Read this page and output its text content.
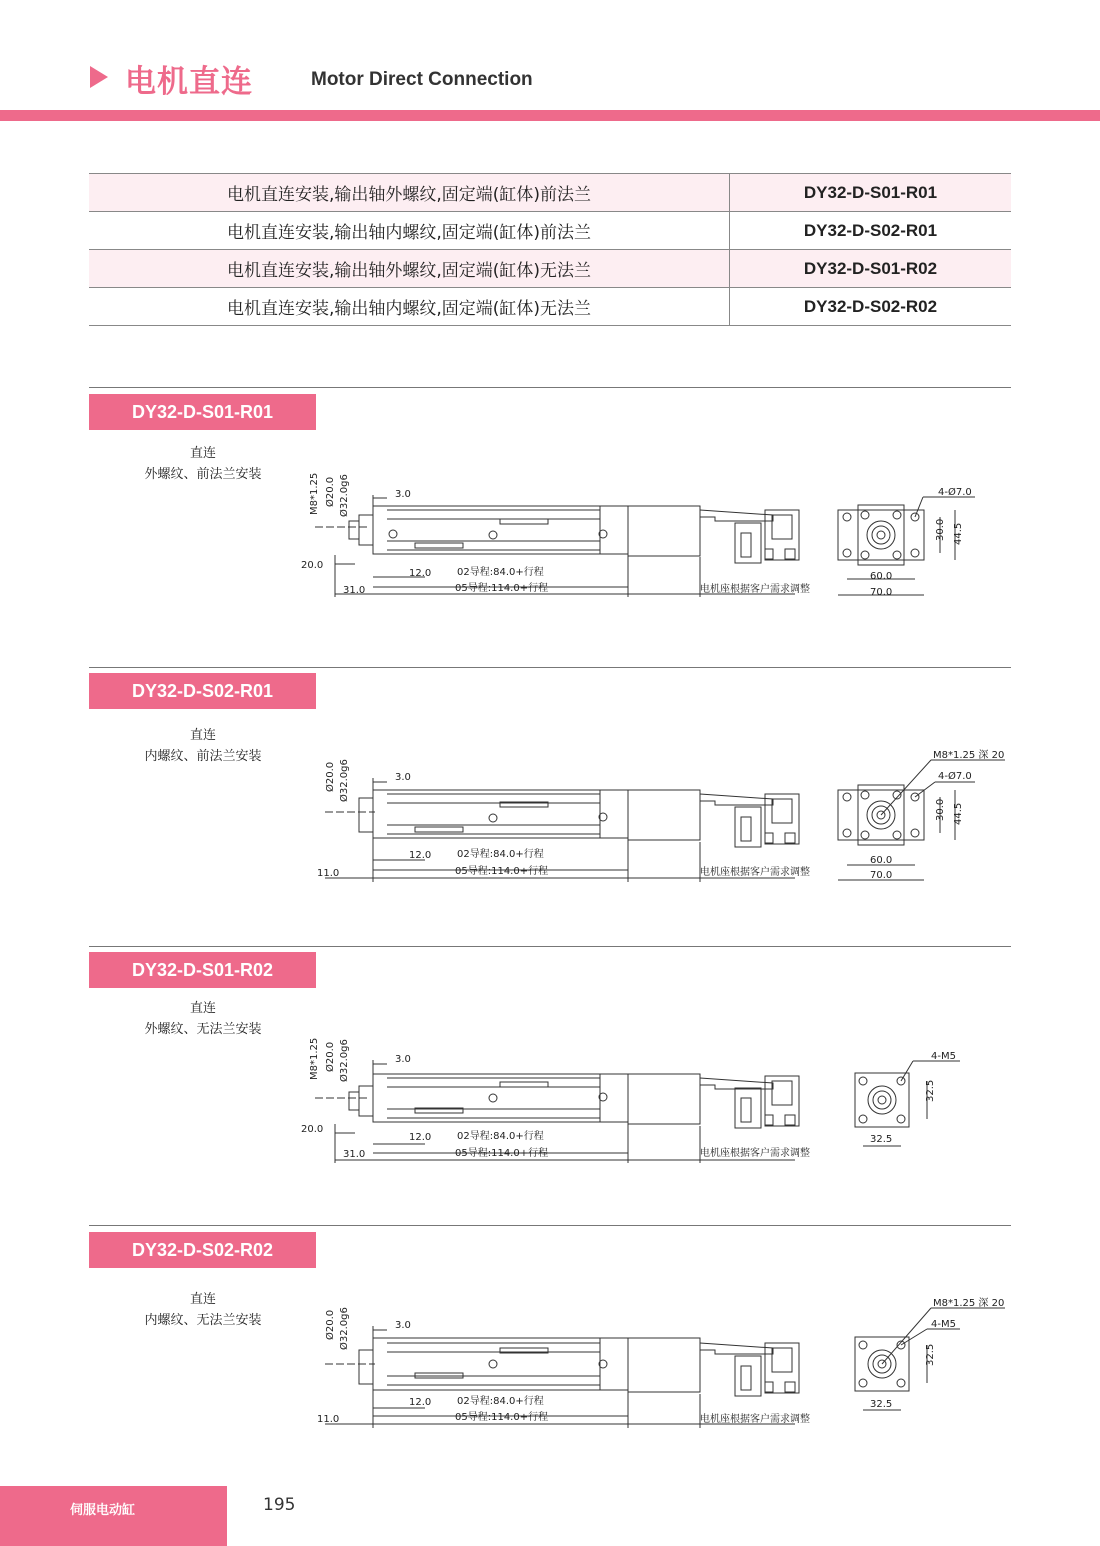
电机直连	Motor Direct Connection
电机直连安装,输出轴外螺纹,固定端(缸体)前法兰	DY32-D-S01-R01
电机直连安装,输出轴内螺纹,固定端(缸体)前法兰	DY32-D-S02-R01
电机直连安装,输出轴外螺纹,固定端(缸体)无法兰	DY32-D-S01-R02
电机直连安装,输出轴内螺纹,固定端(缸体)无法兰	DY32-D-S02-R02
DY32-D-S01-R01
直连
外螺纹、前法兰安装	M8*1.25 Ø20.0 Ø32.0g6	3.0
20.0
12.0
31.0
02导程:84.0+行程
05导程:114.0+行程	电机座根据客户需求调整
4-Ø7.0
30.0 44.5
60.0
70.0
DY32-D-S02-R01
直连
内螺纹、前法兰安装
Ø20.0 Ø32.0g6	3.0
12.0
11.0
02导程:84.0+行程
05导程:114.0+行程	电机座根据客户需求调整
M8*1.25 深 20
4-Ø7.0
30.0 44.5
60.0
70.0
DY32-D-S01-R02
直连
外螺纹、无法兰安装
M8*1.25 Ø20.0 Ø32.0g6	3.0
20.0
12.0
31.0
02导程:84.0+行程
05导程:114.0+行程	电机座根据客户需求调整
4-M5
32.5
32.5
DY32-D-S02-R02
直连
内螺纹、无法兰安装	Ø20.0 Ø32.0g6	3.0
12.0
11.0
02导程:84.0+行程
05导程:114.0+行程	电机座根据客户需求调整
M8*1.25 深 20
4-M5
32.5
32.5
伺服电动缸	195
